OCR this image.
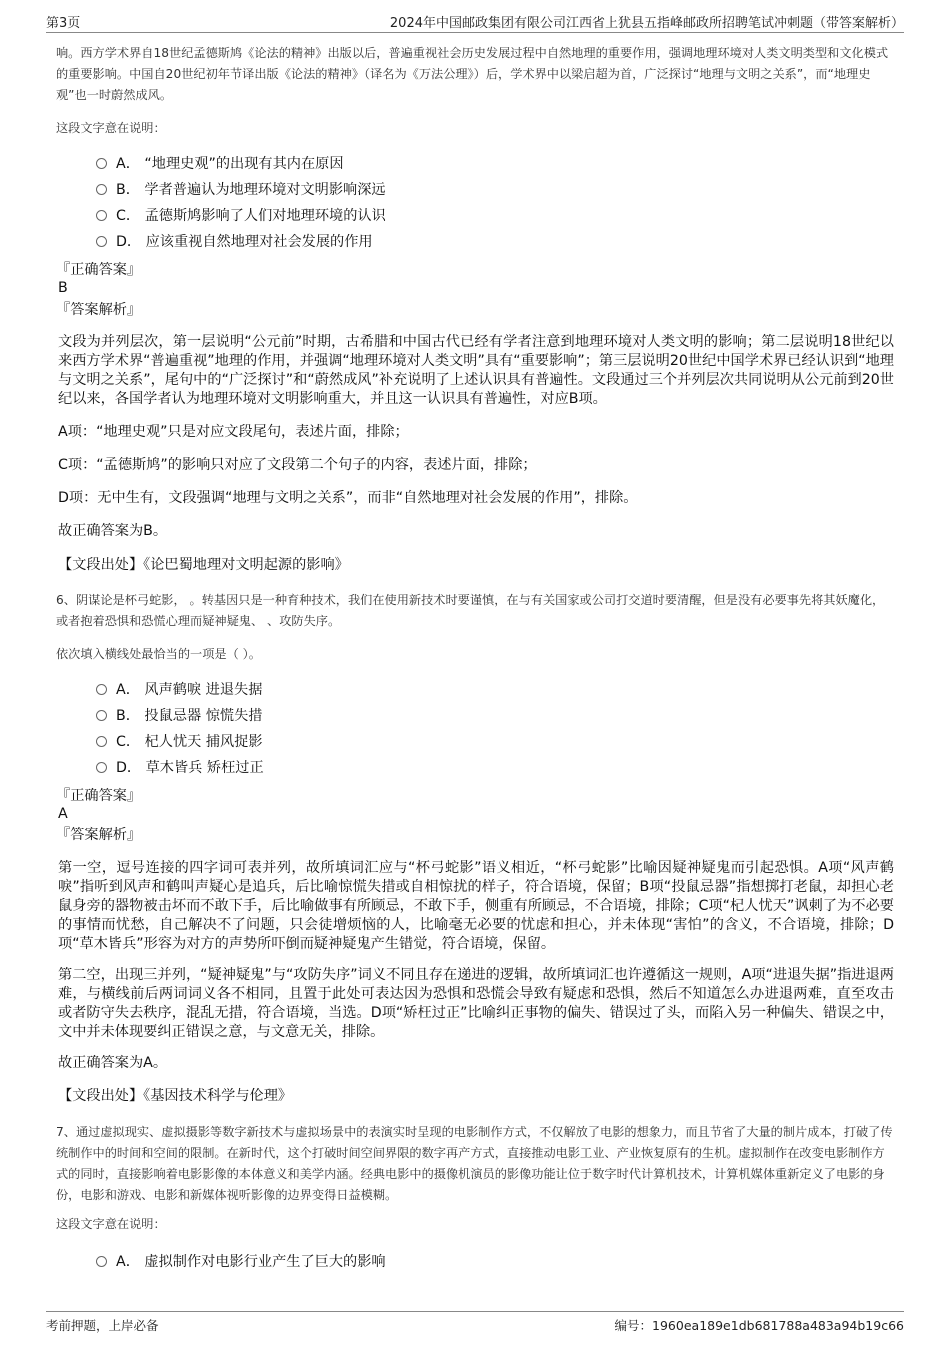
第3页	2024年中国邮政集团有限公司江西省上犹县五指峰邮政所招聘笔试冲刺题（带答案解析）
响。西方学术界自18世纪孟德斯鸠《论法的精神》出版以后，普遍重视社会历史发展过程中自然地理的重要作用，强调地理环境对人类文明类型和文化模式的重要影响。中国自20世纪初年节译出版《论法的精神》（译名为《万法公理》）后，学术界中以梁启超为首，广泛探讨“地理与文明之关系”，而“地理史观”也一时蔚然成风。
这段文字意在说明：
A． “地理史观”的出现有其内在原因
B． 学者普遍认为地理环境对文明影响深远
C． 孟德斯鸠影响了人们对地理环境的认识
D． 应该重视自然地理对社会发展的作用
『正确答案』
B
『答案解析』
文段为并列层次，第一层说明“公元前”时期，古希腊和中国古代已经有学者注意到地理环境对人类文明的影响；第二层说明18世纪以来西方学术界“普遍重视”地理的作用，并强调“地理环境对人类文明”具有“重要影响”；第三层说明20世纪中国学术界已经认识到“地理与文明之关系”，尾句中的“广泛探讨”和“蔚然成风”补充说明了上述认识具有普遍性。文段通过三个并列层次共同说明从公元前到20世纪以来，各国学者认为地理环境对文明影响重大，并且这一认识具有普遍性，对应B项。
A项：“地理史观”只是对应文段尾句，表述片面，排除；
C项：“孟德斯鸠”的影响只对应了文段第二个句子的内容，表述片面，排除；
D项：无中生有，文段强调“地理与文明之关系”，而非“自然地理对社会发展的作用”，排除。
故正确答案为B。
【文段出处】《论巴蜀地理对文明起源的影响》
6、阴谋论是杯弓蛇影， 。转基因只是一种育种技术，我们在使用新技术时要谨慎，在与有关国家或公司打交道时要清醒，但是没有必要事先将其妖魔化，或者抱着恐惧和恐慌心理而疑神疑鬼、 、攻防失序。
依次填入横线处最恰当的一项是（ ）。
A． 风声鹤唳 进退失据
B． 投鼠忌器 惊慌失措
C． 杞人忧天 捕风捉影
D． 草木皆兵 矫枉过正
『正确答案』
A
『答案解析』
第一空，逗号连接的四字词可表并列，故所填词汇应与“杯弓蛇影”语义相近，“杯弓蛇影”比喻因疑神疑鬼而引起恐惧。A项“风声鹤唳”指听到风声和鹤叫声疑心是追兵，后比喻惊慌失措或自相惊扰的样子，符合语境，保留；B项“投鼠忌器”指想掷打老鼠，却担心老鼠身旁的器物被击坏而不敢下手，后比喻做事有所顾忌，不敢下手，侧重有所顾忌，不合语境，排除；C项“杞人忧天”讽刺了为不必要的事情而忧愁，自己解决不了问题，只会徒增烦恼的人，比喻毫无必要的忧虑和担心，并未体现“害怕”的含义，不合语境，排除；D项“草木皆兵”形容为对方的声势所吓倒而疑神疑鬼产生错觉，符合语境，保留。
第二空，出现三并列，“疑神疑鬼”与“攻防失序”词义不同且存在递进的逻辑，故所填词汇也许遵循这一规则，A项“进退失据”指进退两难，与横线前后两词词义各不相同，且置于此处可表达因为恐惧和恐慌会导致有疑虑和恐惧，然后不知道怎么办进退两难，直至攻击或者防守失去秩序，混乱无措，符合语境，当选。D项“矫枉过正”比喻纠正事物的偏失、错误过了头，而陷入另一种偏失、错误之中，文中并未体现要纠正错误之意，与文意无关，排除。
故正确答案为A。
【文段出处】《基因技术科学与伦理》
7、通过虚拟现实、虚拟摄影等数字新技术与虚拟场景中的表演实时呈现的电影制作方式，不仅解放了电影的想象力，而且节省了大量的制片成本，打破了传统制作中的时间和空间的限制。在新时代，这个打破时间空间界限的数字再产方式，直接推动电影工业、产业恢复原有的生机。虚拟制作在改变电影制作方式的同时，直接影响着电影影像的本体意义和美学内涵。经典电影中的摄像机演员的影像功能让位于数字时代计算机技术，计算机媒体重新定义了电影的身份，电影和游戏、电影和新媒体视听影像的边界变得日益模糊。
这段文字意在说明：
A． 虚拟制作对电影行业产生了巨大的影响
考前押题，上岸必备	编号：1960ea189e1db681788a483a94b19c66
